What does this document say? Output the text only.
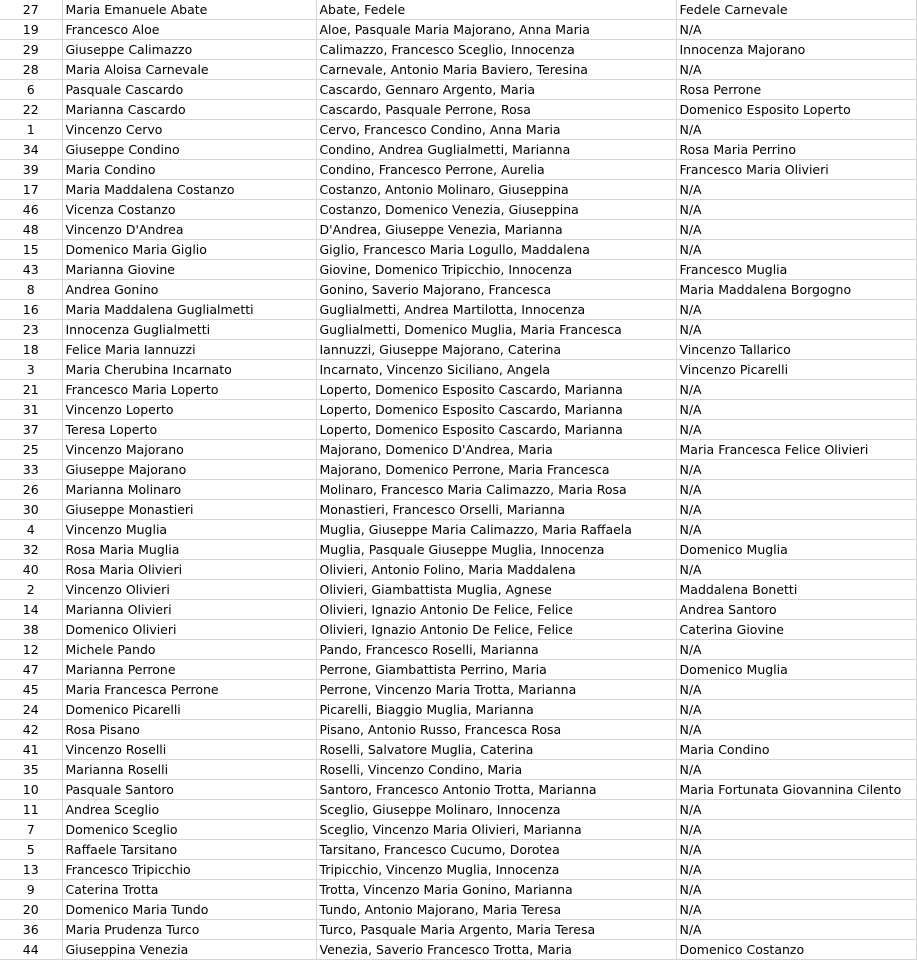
27	Maria Emanuele Abate	Abate, Fedele	Fedele Carnevale
19	Francesco Aloe	Aloe, Pasquale Maria Majorano, Anna Maria	N/A
29	Giuseppe Calimazzo	Calimazzo, Francesco Sceglio, Innocenza	Innocenza Majorano
28	Maria Aloisa Carnevale	Carnevale, Antonio Maria Baviero, Teresina	N/A
6	Pasquale Cascardo	Cascardo, Gennaro Argento, Maria	Rosa Perrone
22	Marianna Cascardo	Cascardo, Pasquale Perrone, Rosa	Domenico Esposito Loperto
1	Vincenzo Cervo	Cervo, Francesco Condino, Anna Maria	N/A
34	Giuseppe Condino	Condino, Andrea Guglialmetti, Marianna	Rosa Maria Perrino
39	Maria Condino	Condino, Francesco Perrone, Aurelia	Francesco Maria Olivieri
17	Maria Maddalena Costanzo	Costanzo, Antonio Molinaro, Giuseppina	N/A
46	Vicenza Costanzo	Costanzo, Domenico Venezia, Giuseppina	N/A
48	Vincenzo D'Andrea	D'Andrea, Giuseppe Venezia, Marianna	N/A
15	Domenico Maria Giglio	Giglio, Francesco Maria Logullo, Maddalena	N/A
43	Marianna Giovine	Giovine, Domenico Tripicchio, Innocenza	Francesco Muglia
8	Andrea Gonino	Gonino, Saverio Majorano, Francesca	Maria Maddalena Borgogno
16	Maria Maddalena Guglialmetti	Guglialmetti, Andrea Martilotta, Innocenza	N/A
23	Innocenza Guglialmetti	Guglialmetti, Domenico Muglia, Maria Francesca	N/A
18	Felice Maria Iannuzzi	Iannuzzi, Giuseppe Majorano, Caterina	Vincenzo Tallarico
3	Maria Cherubina Incarnato	Incarnato, Vincenzo Siciliano, Angela	Vincenzo Picarelli
21	Francesco Maria Loperto	Loperto, Domenico Esposito Cascardo, Marianna	N/A
31	Vincenzo Loperto	Loperto, Domenico Esposito Cascardo, Marianna	N/A
37	Teresa Loperto	Loperto, Domenico Esposito Cascardo, Marianna	N/A
25	Vincenzo Majorano	Majorano, Domenico D'Andrea, Maria	Maria Francesca Felice Olivieri
33	Giuseppe Majorano	Majorano, Domenico Perrone, Maria Francesca	N/A
26	Marianna Molinaro	Molinaro, Francesco Maria Calimazzo, Maria Rosa	N/A
30	Giuseppe Monastieri	Monastieri, Francesco Orselli, Marianna	N/A
4	Vincenzo Muglia	Muglia, Giuseppe Maria Calimazzo, Maria Raffaela	N/A
32	Rosa Maria Muglia	Muglia, Pasquale Giuseppe Muglia, Innocenza	Domenico Muglia
40	Rosa Maria Olivieri	Olivieri, Antonio Folino, Maria Maddalena	N/A
2	Vincenzo Olivieri	Olivieri, Giambattista Muglia, Agnese	Maddalena Bonetti
14	Marianna Olivieri	Olivieri, Ignazio Antonio De Felice, Felice	Andrea Santoro
38	Domenico Olivieri	Olivieri, Ignazio Antonio De Felice, Felice	Caterina Giovine
12	Michele Pando	Pando, Francesco Roselli, Marianna	N/A
47	Marianna Perrone	Perrone, Giambattista Perrino, Maria	Domenico Muglia
45	Maria Francesca Perrone	Perrone, Vincenzo Maria Trotta, Marianna	N/A
24	Domenico Picarelli	Picarelli, Biaggio Muglia, Marianna	N/A
42	Rosa Pisano	Pisano, Antonio Russo, Francesca Rosa	N/A
41	Vincenzo Roselli	Roselli, Salvatore Muglia, Caterina	Maria Condino
35	Marianna Roselli	Roselli, Vincenzo Condino, Maria	N/A
10	Pasquale Santoro	Santoro, Francesco Antonio Trotta, Marianna	Maria Fortunata Giovannina Cilento
11	Andrea Sceglio	Sceglio, Giuseppe Molinaro, Innocenza	N/A
7	Domenico Sceglio	Sceglio, Vincenzo Maria Olivieri, Marianna	N/A
5	Raffaele Tarsitano	Tarsitano, Francesco Cucumo, Dorotea	N/A
13	Francesco Tripicchio	Tripicchio, Vincenzo Muglia, Innocenza	N/A
9	Caterina Trotta	Trotta, Vincenzo Maria Gonino, Marianna	N/A
20	Domenico Maria Tundo	Tundo, Antonio Majorano, Maria Teresa	N/A
36	Maria Prudenza Turco	Turco, Pasquale Maria Argento, Maria Teresa	N/A
44	Giuseppina Venezia	Venezia, Saverio Francesco Trotta, Maria	Domenico Costanzo
